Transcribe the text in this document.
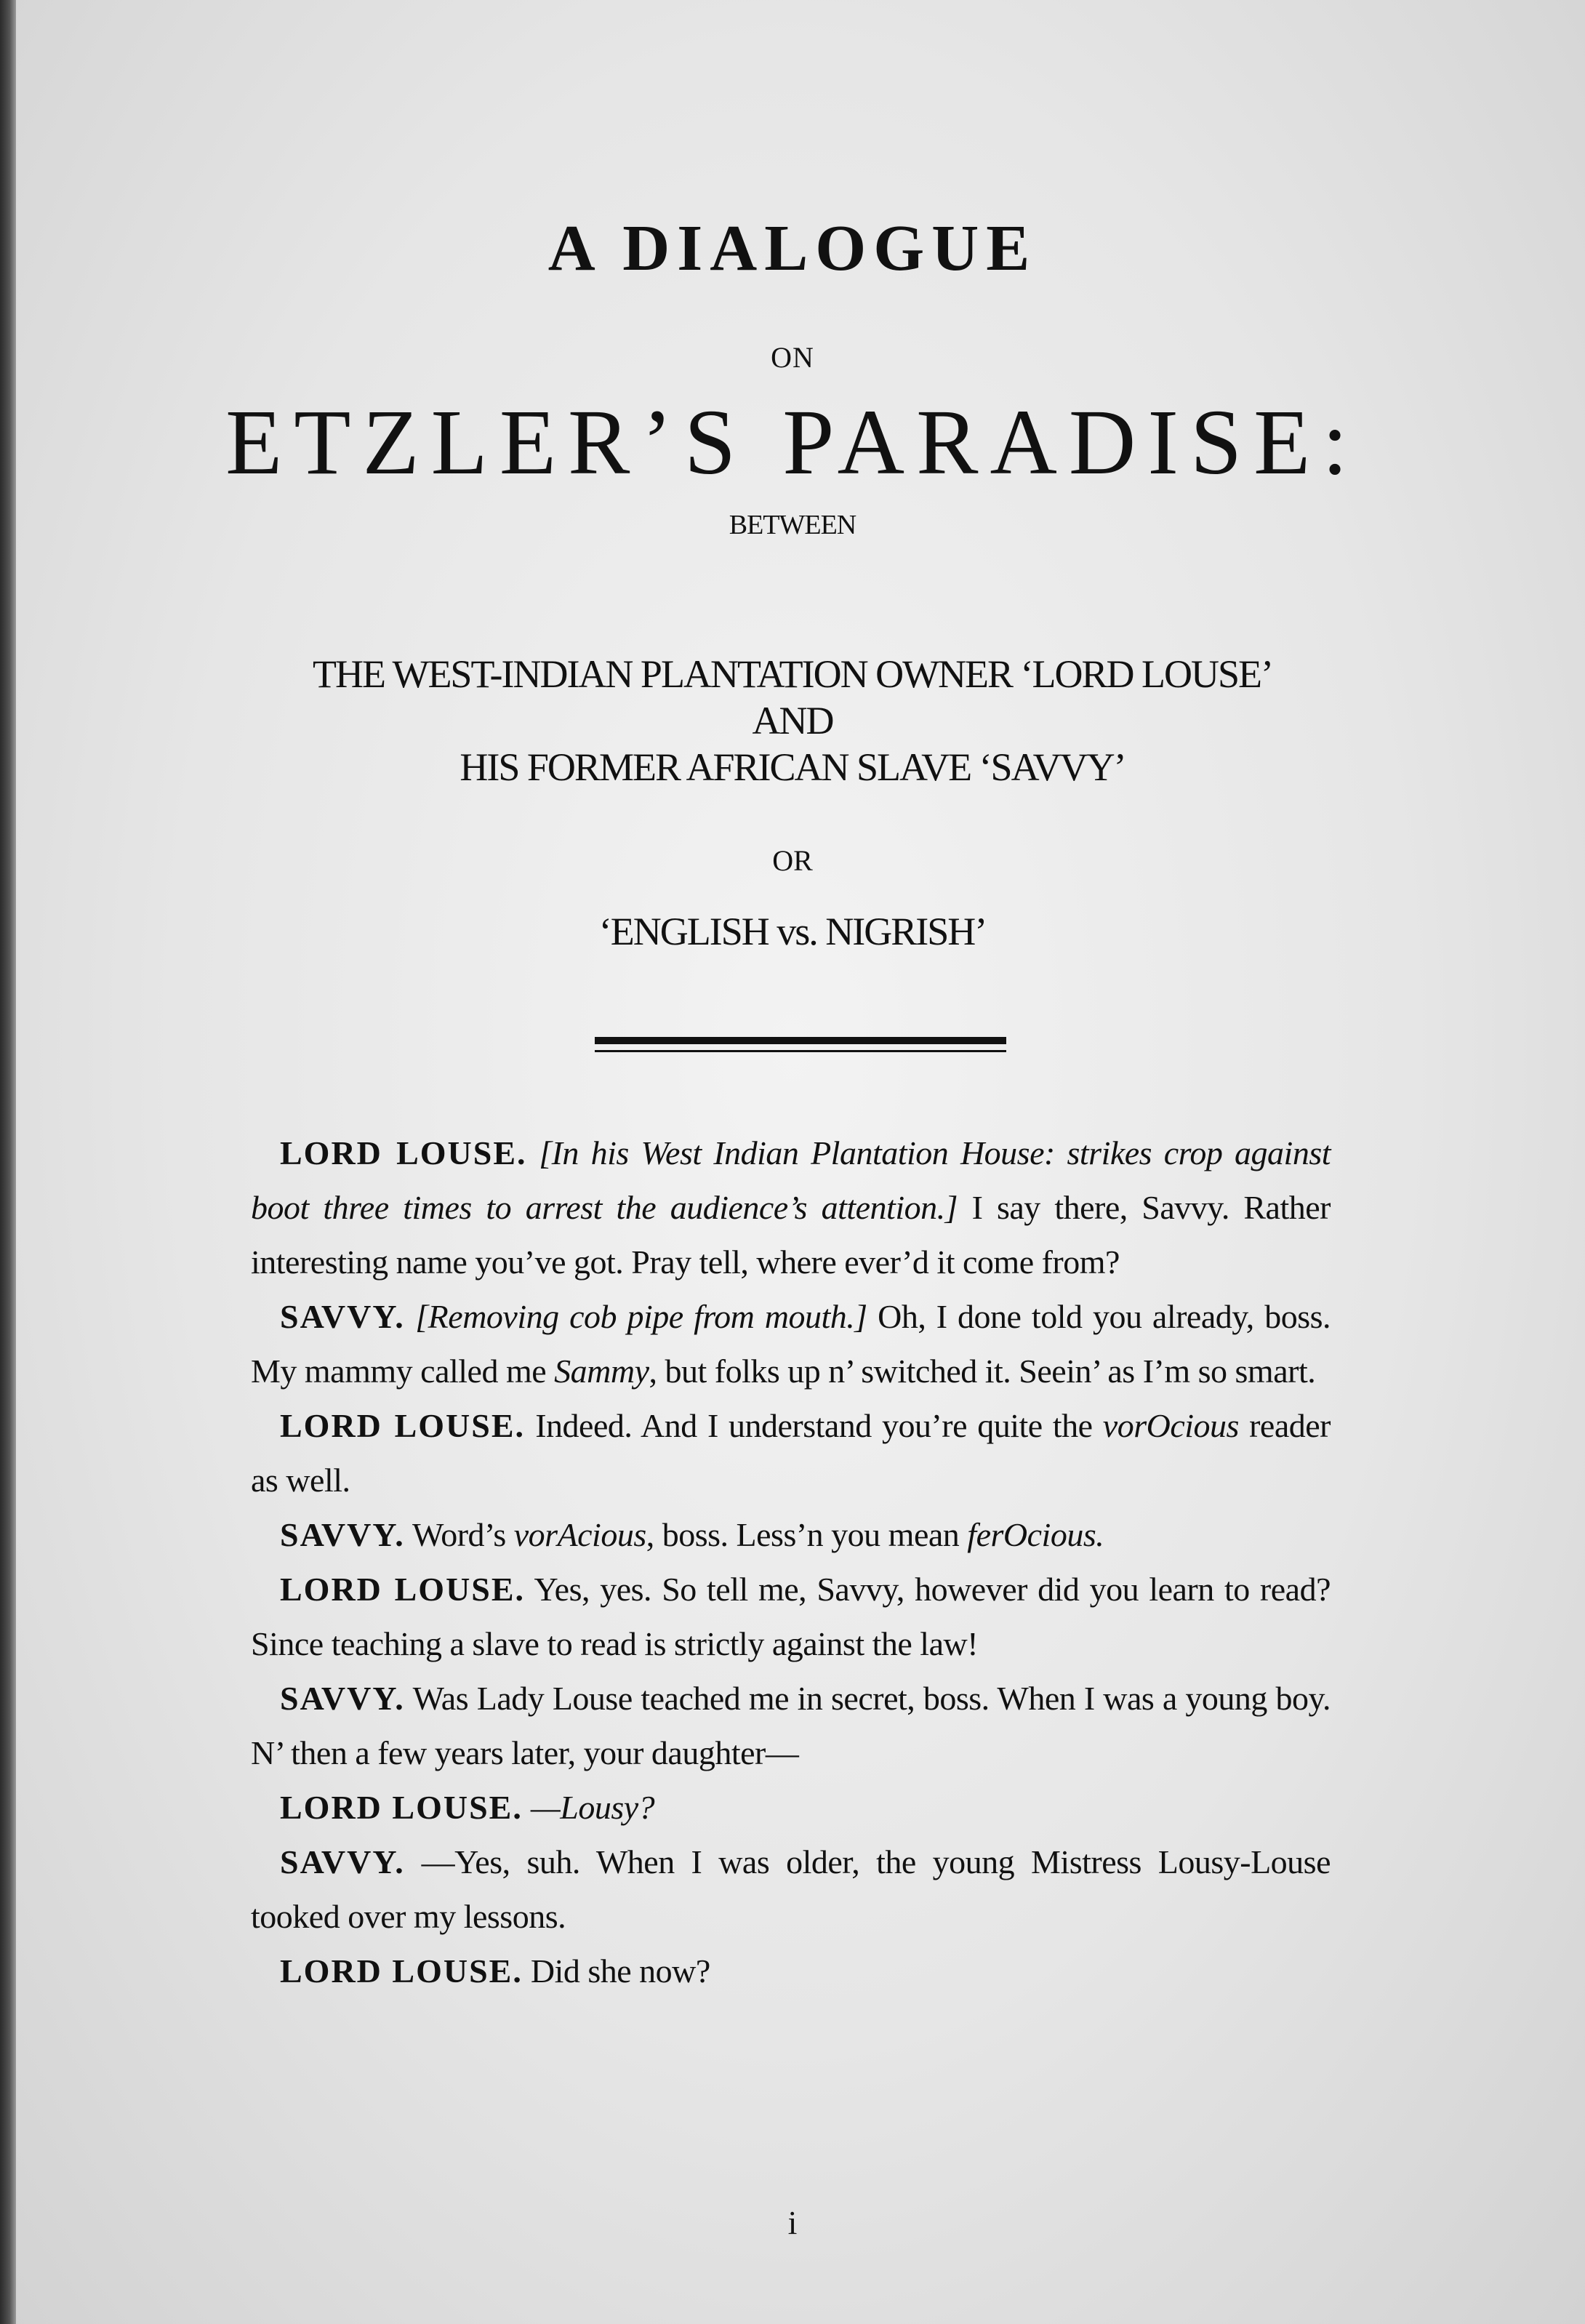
A DIALOGUE
ON
ETZLER’S PARADISE:
BETWEEN
THE WEST-INDIAN PLANTATION OWNER ‘LORD LOUSE’
AND
HIS FORMER AFRICAN SLAVE ‘SAVVY’
OR
‘ENGLISH vs. NIGRISH’

LORD LOUSE. [In his West Indian Plantation House: strikes crop against boot three times to arrest the audience’s attention.] I say there, Savvy. Rather interesting name you’ve got. Pray tell, where ever’d it come from?

SAVVY. [Removing cob pipe from mouth.] Oh, I done told you already, boss. My mammy called me Sammy, but folks up n’ switched it. Seein’ as I’m so smart.

LORD LOUSE. Indeed. And I understand you’re quite the vorOcious reader as well.

SAVVY. Word’s vorAcious, boss. Less’n you mean ferOcious.

LORD LOUSE. Yes, yes. So tell me, Savvy, however did you learn to read? Since teaching a slave to read is strictly against the law!

SAVVY. Was Lady Louse teached me in secret, boss. When I was a young boy. N’ then a few years later, your daughter—

LORD LOUSE. —Lousy?

SAVVY. —Yes, suh. When I was older, the young Mistress Lousy-Louse tooked over my lessons.

LORD LOUSE. Did she now?

i
